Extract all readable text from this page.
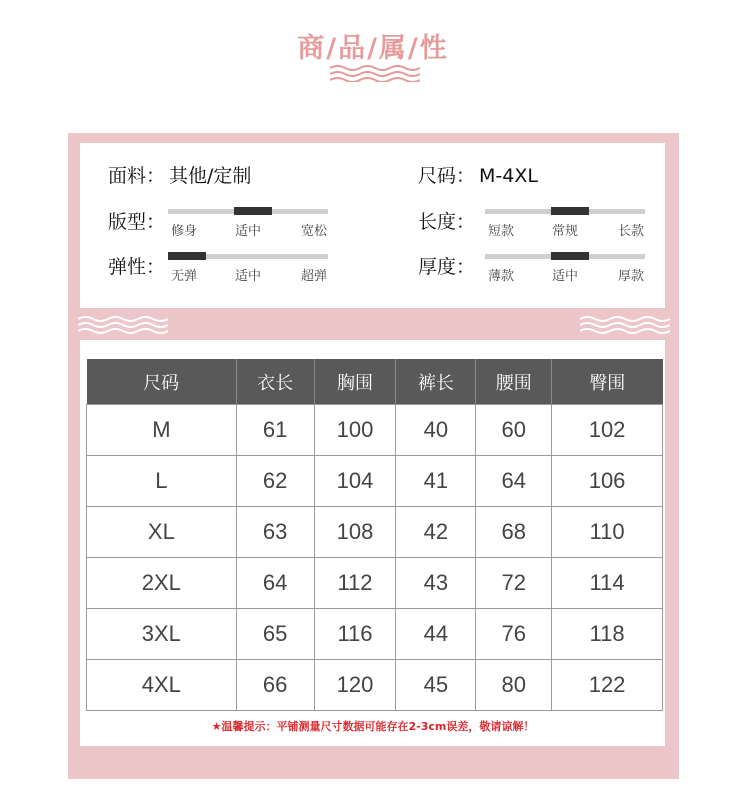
商/品/属/性
面料： 其他/定制	尺码： M-4XL
版型： 修身	适中	宽松	长度： 短款	常规	长款
弹性： 无弹	适中	超弹	厚度： 薄款	适中	厚款
尺码	衣长	胸围	裤长	腰围	臀围
M	61	100	40	60	102
L	62	104	41	64	106
XL	63	108	42	68	110
2XL	64	112	43	72	114
3XL	65	116	44	76	118
4XL	66	120	45	80	122
★温馨提示：平铺测量尺寸数据可能存在2-3cm误差，敬请谅解！
